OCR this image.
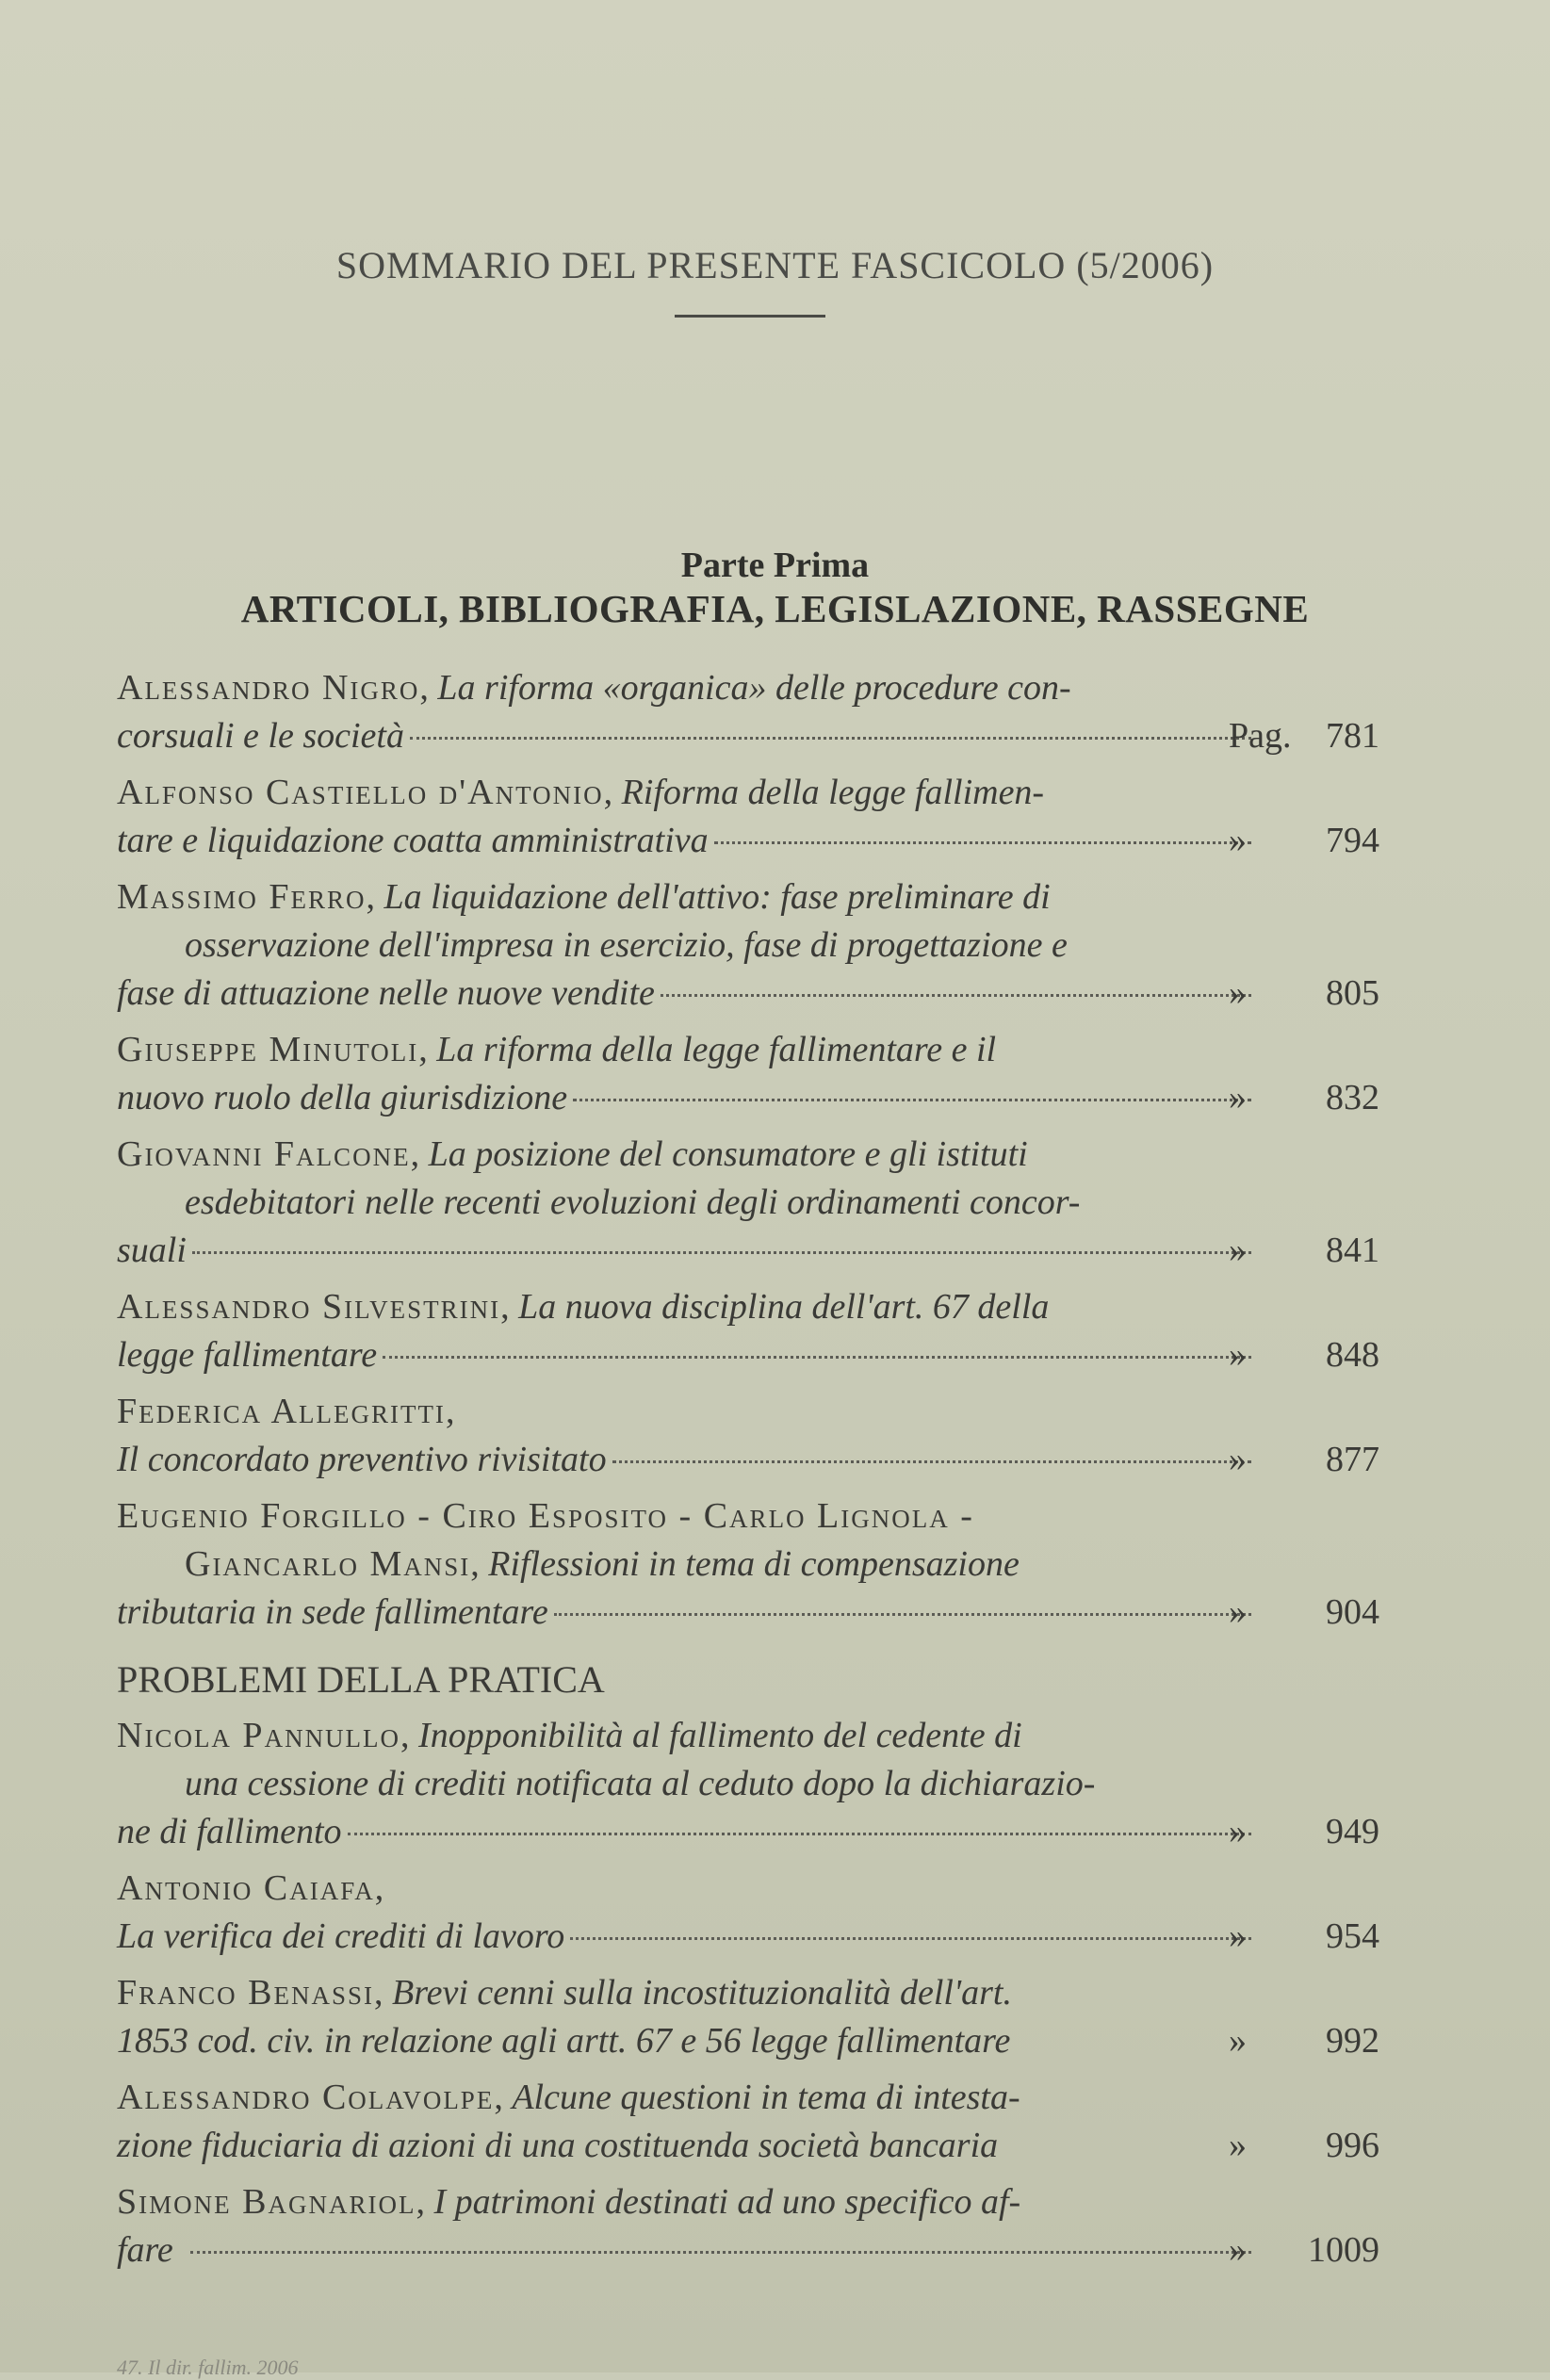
SOMMARIO DEL PRESENTE FASCICOLO (5/2006)
Parte Prima
ARTICOLI, BIBLIOGRAFIA, LEGISLAZIONE, RASSEGNE
Alessandro Nigro, La riforma «organica» delle procedure con-

corsuali e le società	Pag. 781
Alfonso Castiello d'Antonio, Riforma della legge fallimen-

tare e liquidazione coatta amministrativa	» 794
Massimo Ferro, La liquidazione dell'attivo: fase preliminare di
osservazione dell'impresa in esercizio, fase di progettazione e

fase di attuazione nelle nuove vendite	» 805
Giuseppe Minutoli, La riforma della legge fallimentare e il

nuovo ruolo della giurisdizione	» 832
Giovanni Falcone, La posizione del consumatore e gli istituti
esdebitatori nelle recenti evoluzioni degli ordinamenti concor-

suali	» 841
Alessandro Silvestrini, La nuova disciplina dell'art. 67 della

legge fallimentare	» 848
Federica Allegritti,
Il concordato preventivo rivisitato	» 877
Eugenio Forgillo - Ciro Esposito - Carlo Lignola -
Giancarlo Mansi, Riflessioni in tema di compensazione

tributaria in sede fallimentare	» 904
PROBLEMI DELLA PRATICA
Nicola Pannullo, Inopponibilità al fallimento del cedente di
una cessione di crediti notificata al ceduto dopo la dichiarazio-

ne di fallimento	» 949
Antonio Caiafa,
La verifica dei crediti di lavoro	» 954
Franco Benassi, Brevi cenni sulla incostituzionalità dell'art.

1853 cod. civ. in relazione agli artt. 67 e 56 legge fallimentare	» 992
Alessandro Colavolpe, Alcune questioni in tema di intesta-

zione fiduciaria di azioni di una costituenda società bancaria	» 996
Simone Bagnariol, I patrimoni destinati ad uno specifico af-

fare	» 1009
47. Il dir. fallim. 2006
